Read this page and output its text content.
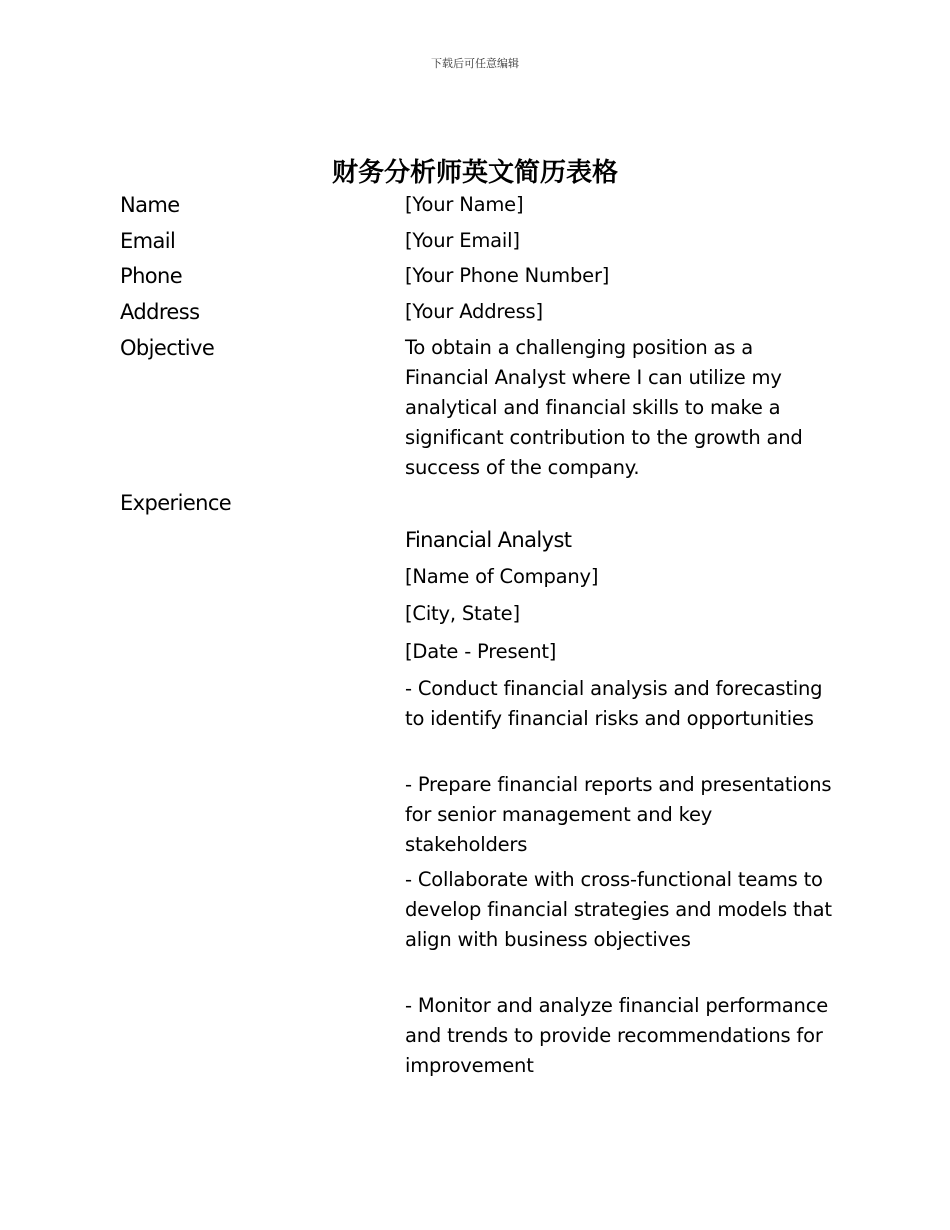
下载后可任意编辑
财务分析师英文简历表格
Name	[Your Name]
Email	[Your Email]
Phone	[Your Phone Number]
Address	[Your Address]
Objective	To obtain a challenging position as a Financial Analyst where I can utilize my analytical and financial skills to make a significant contribution to the growth and success of the company.
Experience
Financial Analyst
[Name of Company]
[City, State]
[Date - Present]
- Conduct financial analysis and forecasting to identify financial risks and opportunities
- Prepare financial reports and presentations for senior management and key stakeholders
- Collaborate with cross-functional teams to develop financial strategies and models that align with business objectives
- Monitor and analyze financial performance and trends to provide recommendations for improvement
